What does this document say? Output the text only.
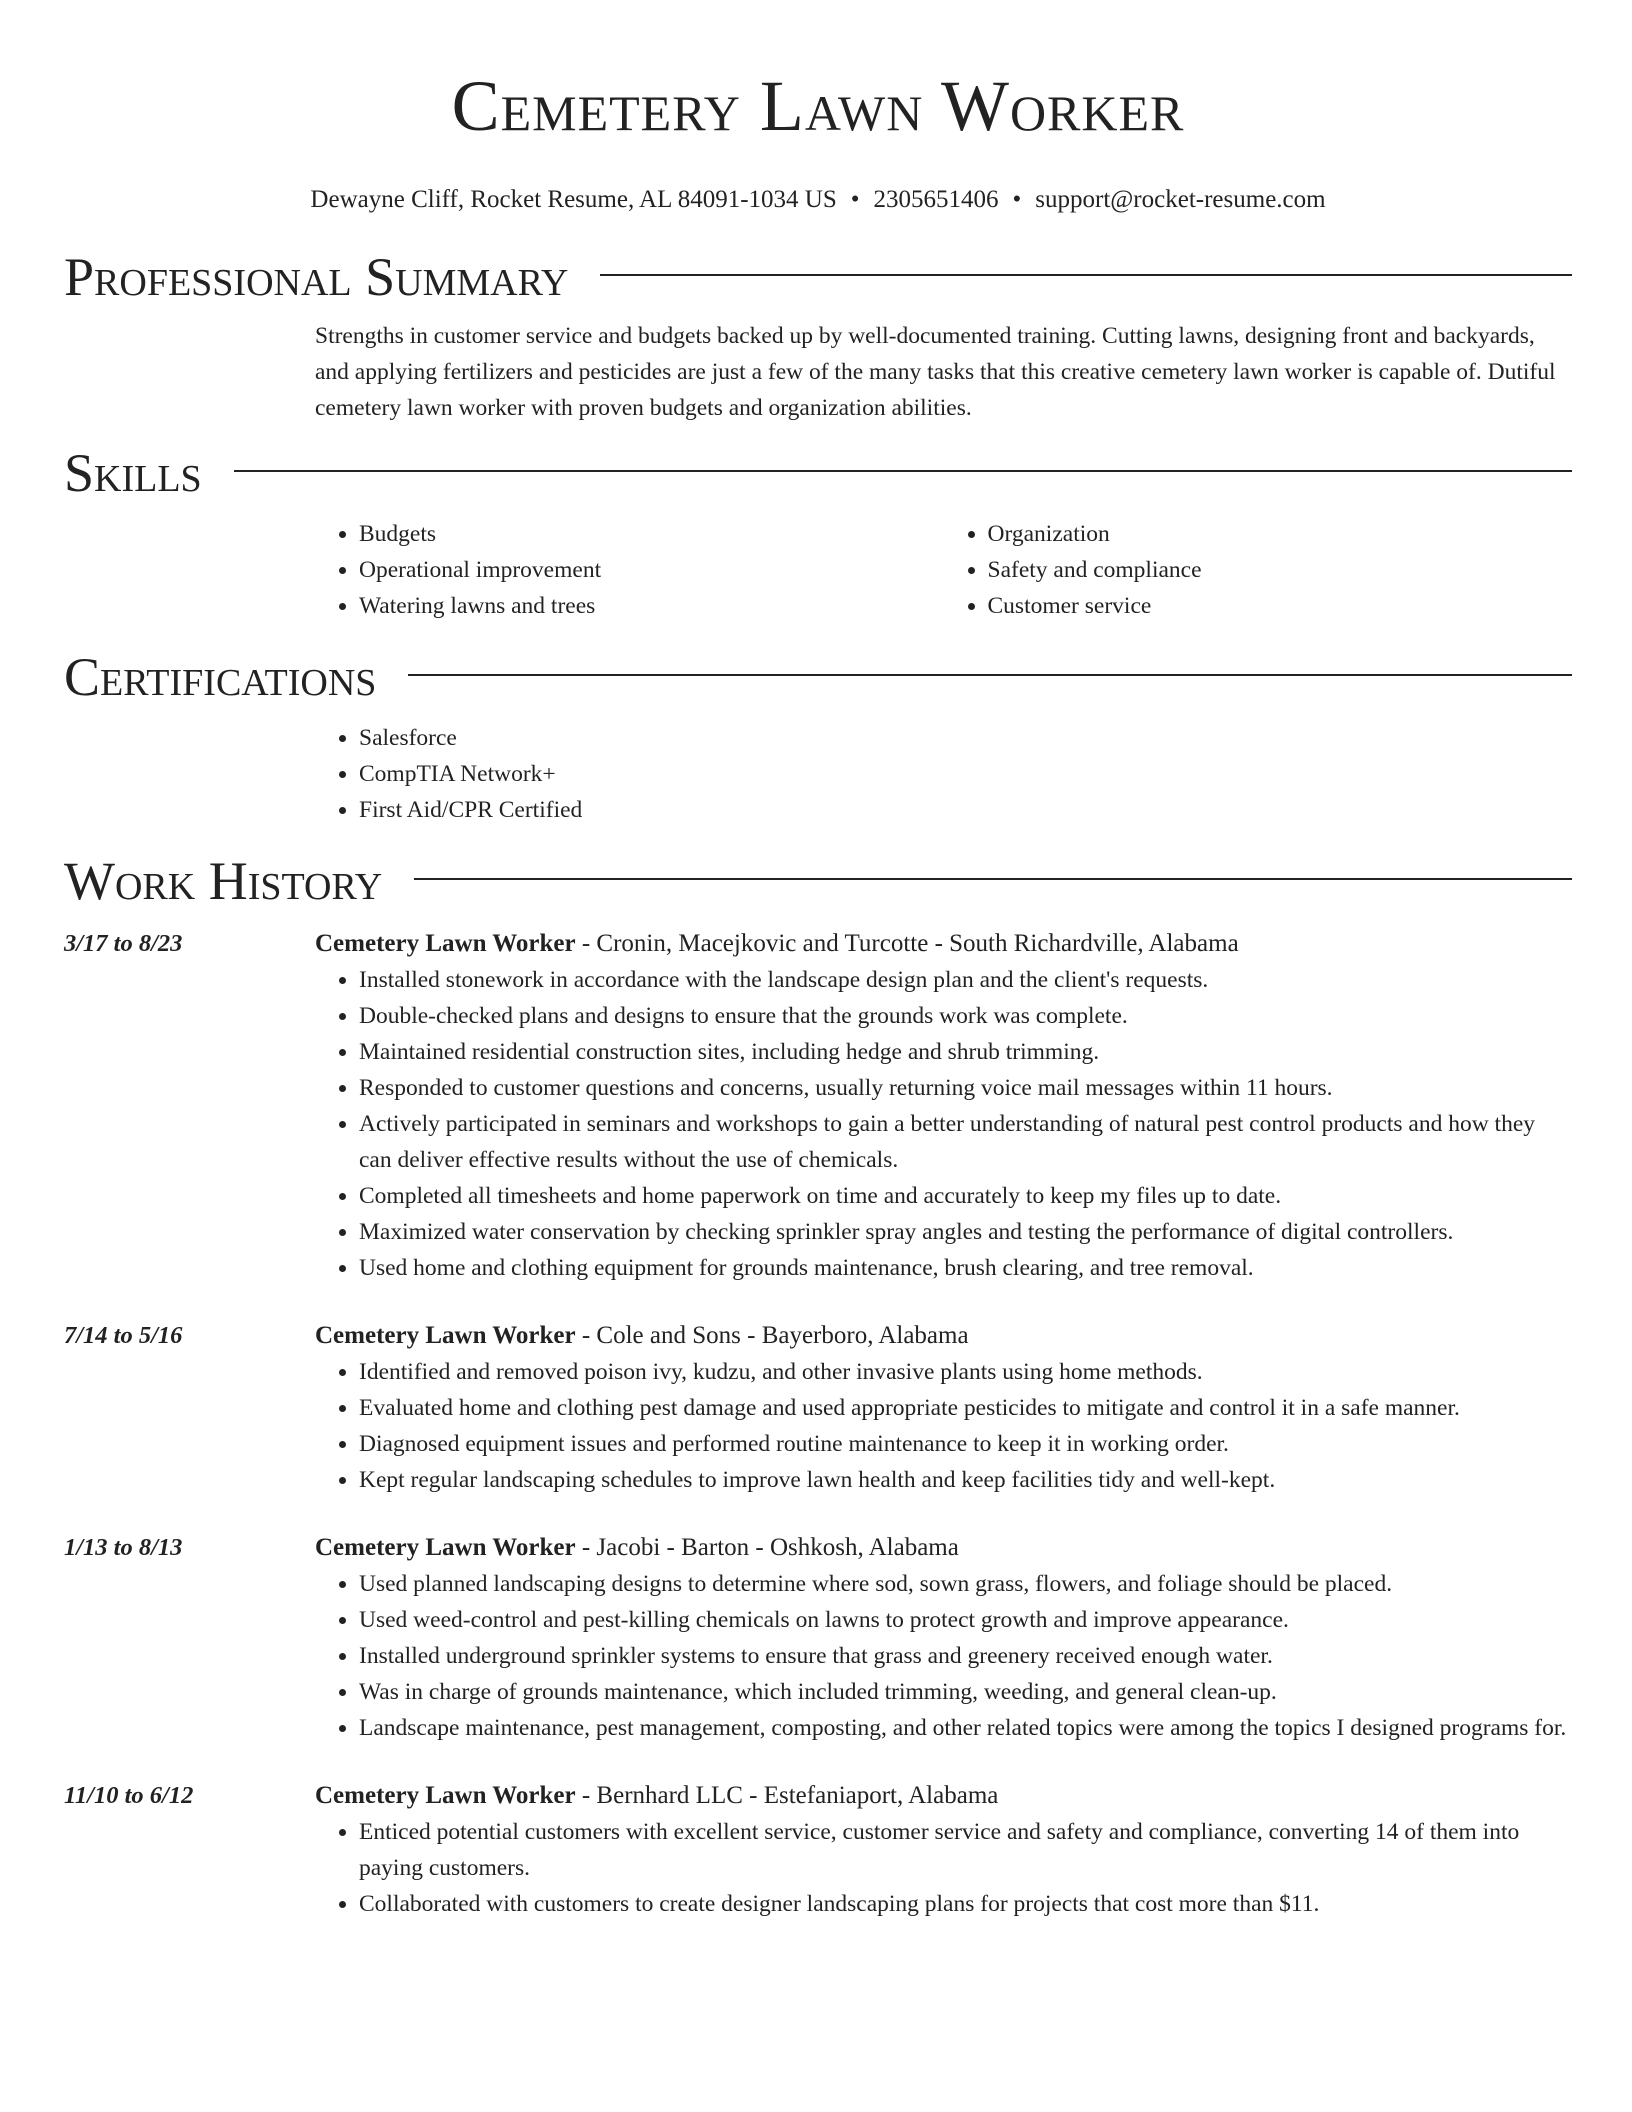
Cemetery Lawn Worker
Dewayne Cliff, Rocket Resume, AL 84091-1034 US • 2305651406 • support@rocket-resume.com
Professional Summary

Strengths in customer service and budgets backed up by well-documented training. Cutting lawns, designing front and backyards, and applying fertilizers and pesticides are just a few of the many tasks that this creative cemetery lawn worker is capable of. Dutiful cemetery lawn worker with proven budgets and organization abilities.

Skills
• Budgets
• Operational improvement
• Watering lawns and trees
• Organization
• Safety and compliance
• Customer service
Certifications
• Salesforce
• CompTIA Network+
• First Aid/CPR Certified
Work History
3/17 to 8/23	Cemetery Lawn Worker - Cronin, Macejkovic and Turcotte - South Richardville, Alabama
• Installed stonework in accordance with the landscape design plan and the client's requests.
• Double-checked plans and designs to ensure that the grounds work was complete.
• Maintained residential construction sites, including hedge and shrub trimming.
• Responded to customer questions and concerns, usually returning voice mail messages within 11 hours.
• Actively participated in seminars and workshops to gain a better understanding of natural pest control products and how they can deliver effective results without the use of chemicals.
• Completed all timesheets and home paperwork on time and accurately to keep my files up to date.
• Maximized water conservation by checking sprinkler spray angles and testing the performance of digital controllers.
• Used home and clothing equipment for grounds maintenance, brush clearing, and tree removal.
7/14 to 5/16	Cemetery Lawn Worker - Cole and Sons - Bayerboro, Alabama
• Identified and removed poison ivy, kudzu, and other invasive plants using home methods.
• Evaluated home and clothing pest damage and used appropriate pesticides to mitigate and control it in a safe manner.
• Diagnosed equipment issues and performed routine maintenance to keep it in working order.
• Kept regular landscaping schedules to improve lawn health and keep facilities tidy and well-kept.
1/13 to 8/13	Cemetery Lawn Worker - Jacobi - Barton - Oshkosh, Alabama
• Used planned landscaping designs to determine where sod, sown grass, flowers, and foliage should be placed.
• Used weed-control and pest-killing chemicals on lawns to protect growth and improve appearance.
• Installed underground sprinkler systems to ensure that grass and greenery received enough water.
• Was in charge of grounds maintenance, which included trimming, weeding, and general clean-up.
• Landscape maintenance, pest management, composting, and other related topics were among the topics I designed programs for.
11/10 to 6/12	Cemetery Lawn Worker - Bernhard LLC - Estefaniaport, Alabama
• Enticed potential customers with excellent service, customer service and safety and compliance, converting 14 of them into paying customers.
• Collaborated with customers to create designer landscaping plans for projects that cost more than $11.
